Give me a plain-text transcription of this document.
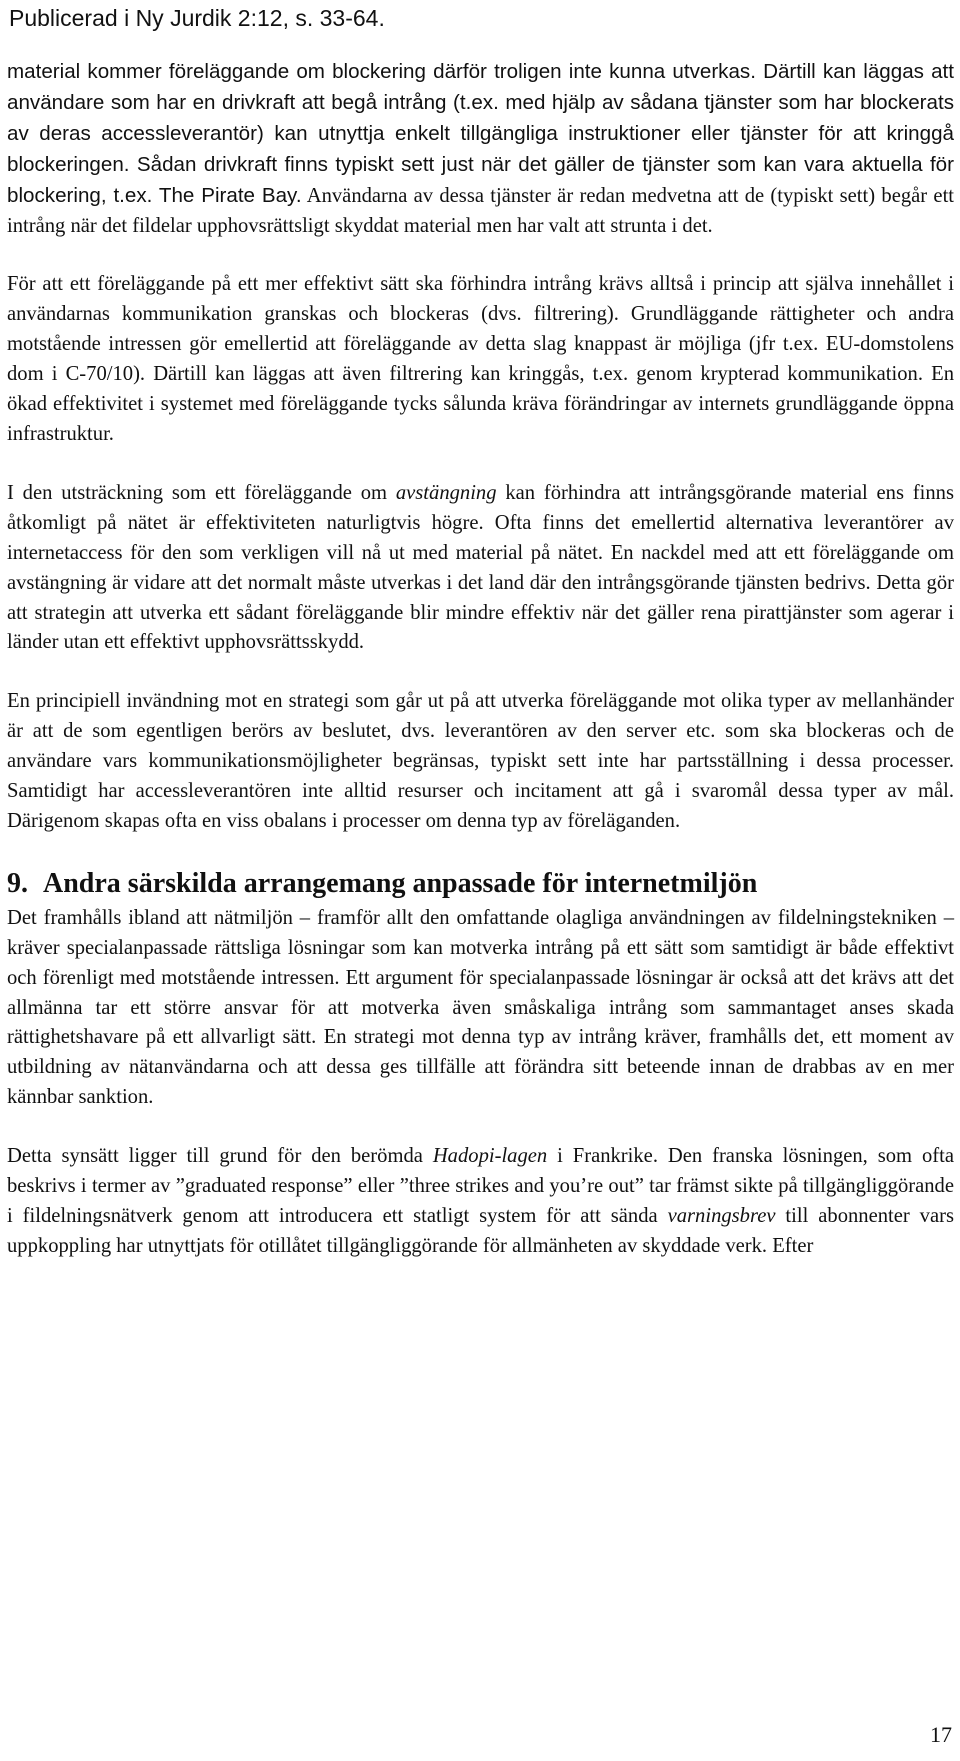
Publicerad i Ny Jurdik 2:12, s. 33-64.

material kommer föreläggande om blockering därför troligen inte kunna utverkas. Därtill kan läggas att användare som har en drivkraft att begå intrång (t.ex. med hjälp av sådana tjänster som har blockerats av deras accessleverantör) kan utnyttja enkelt tillgängliga instruktioner eller tjänster för att kringgå blockeringen. Sådan drivkraft finns typiskt sett just när det gäller de tjänster som kan vara aktuella för blockering, t.ex. The Pirate Bay. Användarna av dessa tjänster är redan medvetna att de (typiskt sett) begår ett intrång när det fildelar upphovsrättsligt skyddat material men har valt att strunta i det.

För att ett föreläggande på ett mer effektivt sätt ska förhindra intrång krävs alltså i princip att själva innehållet i användarnas kommunikation granskas och blockeras (dvs. filtrering). Grundläggande rättigheter och andra motstående intressen gör emellertid att föreläggande av detta slag knappast är möjliga (jfr t.ex. EU-domstolens dom i C-70/10). Därtill kan läggas att även filtrering kan kringgås, t.ex. genom krypterad kommunikation. En ökad effektivitet i systemet med föreläggande tycks sålunda kräva förändringar av internets grundläggande öppna infrastruktur.

I den utsträckning som ett föreläggande om avstängning kan förhindra att intrångsgörande material ens finns åtkomligt på nätet är effektiviteten naturligtvis högre. Ofta finns det emellertid alternativa leverantörer av internetaccess för den som verkligen vill nå ut med material på nätet. En nackdel med att ett föreläggande om avstängning är vidare att det normalt måste utverkas i det land där den intrångsgörande tjänsten bedrivs. Detta gör att strategin att utverka ett sådant föreläggande blir mindre effektiv när det gäller rena pirattjänster som agerar i länder utan ett effektivt upphovsrättsskydd.

En principiell invändning mot en strategi som går ut på att utverka föreläggande mot olika typer av mellanhänder är att de som egentligen berörs av beslutet, dvs. leverantören av den server etc. som ska blockeras och de användare vars kommunikationsmöjligheter begränsas, typiskt sett inte har partsställning i dessa processer. Samtidigt har accessleverantören inte alltid resurser och incitament att gå i svaromål dessa typer av mål. Därigenom skapas ofta en viss obalans i processer om denna typ av föreläganden.

9. Andra särskilda arrangemang anpassade för internetmiljön

Det framhålls ibland att nätmiljön – framför allt den omfattande olagliga användningen av fildelningstekniken – kräver specialanpassade rättsliga lösningar som kan motverka intrång på ett sätt som samtidigt är både effektivt och förenligt med motstående intressen. Ett argument för specialanpassade lösningar är också att det krävs att det allmänna tar ett större ansvar för att motverka även småskaliga intrång som sammantaget anses skada rättighetshavare på ett allvarligt sätt. En strategi mot denna typ av intrång kräver, framhålls det, ett moment av utbildning av nätanvändarna och att dessa ges tillfälle att förändra sitt beteende innan de drabbas av en mer kännbar sanktion.

Detta synsätt ligger till grund för den berömda Hadopi-lagen i Frankrike. Den franska lösningen, som ofta beskrivs i termer av ”graduated response” eller ”three strikes and you’re out” tar främst sikte på tillgängliggörande i fildelningsnätverk genom att introducera ett statligt system för att sända varningsbrev till abonnenter vars uppkoppling har utnyttjats för otillåtet tillgängliggörande för allmänheten av skyddade verk. Efter

17
